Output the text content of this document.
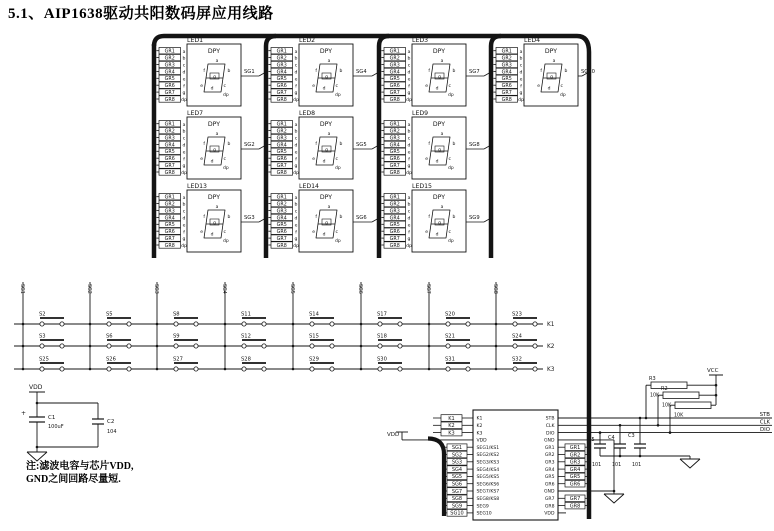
5.1、AIP1638驱动共阳数码屏应用线路
LED1
DPY
GR1 a
GR2 b
GR3 c
GR4 d
GR5 e
GR6 f
GR7 g
GR8 dp
g
a
b
c
d
e
f
dp
SG1
LED2
DPY
GR1 a
GR2 b
GR3 c
GR4 d
GR5 e
GR6 f
GR7 g
GR8 dp
g
a
b
c
d
e
f
dp
SG4
LED3
DPY
GR1 a
GR2 b
GR3 c
GR4 d
GR5 e
GR6 f
GR7 g
GR8 dp
g
a
b
c
d
e
f
dp
SG7
LED4
DPY
GR1 a
GR2 b
GR3 c
GR4 d
GR5 e
GR6 f
GR7 g
GR8 dp
g
a
b
c
d
e
f
dp
SG10
LED7
DPY
GR1 a
GR2 b
GR3 c
GR4 d
GR5 e
GR6 f
GR7 g
GR8 dp
g
a
b
c
d
e
f
dp
SG2
LED8
DPY
GR1 a
GR2 b
GR3 c
GR4 d
GR5 e
GR6 f
GR7 g
GR8 dp
g
a
b
c
d
e
f
dp
SG5
LED9
DPY
GR1 a
GR2 b
GR3 c
GR4 d
GR5 e
GR6 f
GR7 g
GR8 dp
g
a
b
c
d
e
f
dp
SG8
LED13
DPY
GR1 a
GR2 b
GR3 c
GR4 d
GR5 e
GR6 f
GR7 g
GR8 dp
g
a
b
c
d
e
f
dp
SG3
LED14
DPY
GR1 a
GR2 b
GR3 c
GR4 d
GR5 e
GR6 f
GR7 g
GR8 dp
g
a
b
c
d
e
f
dp
SG6
LED15
DPY
GR1 a
GR2 b
GR3 c
GR4 d
GR5 e
GR6 f
GR7 g
GR8 dp
g
a
b
c
d
e
f
dp
SG9
SG1	SG2	SG3	SG4	SG5	SG6	SG7	SG8
K1
K2
K3
S2	S5	S8	S11	S14	S17	S20	S23
S3	S6	S9	S12	S15	S18	S21	S24
S25	S26	S27	S28	S29	S30	S31	S32
VDD
+
C1
100uF
C2
104
K1
K2
K3
VDD
SEG1/KS1
SEG2/KS2
SEG3/KS3
SEG4/KS4
SEG5/KS5
SEG6/KS6
SEG7/KS7
SEG8/KS8
SEG9
SEG10
STB
CLK
DIO
GND
GR1
GR2
GR3
GR4
GR5
GR6
GND
GR7
GR8
VDD
K1
K2
K3
VDD
SG1
SG2
SG3
SG4
SG5
SG6
SG7
SG8
SG9
SG10
GR1
GR2
GR3
GR4
GR5
GR6
GR7
GR8
STB
CLK
DIO
VCC
R3
10K
R2
10K
10K
C5
101
C4
101
C3
101
注:滤波电容与芯片VDD,
GND之间回路尽量短.
